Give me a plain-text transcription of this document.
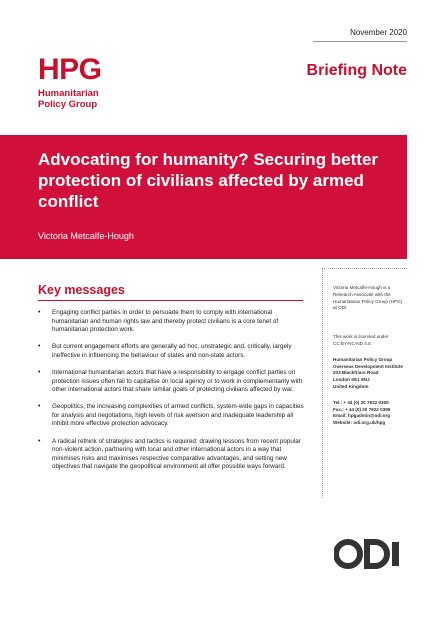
November 2020
HPG
Humanitarian
Policy Group
Briefing Note
Advocating for humanity? Securing better protection of civilians affected by armed conflict
Victoria Metcalfe-Hough
Key messages
• Engaging conflict parties in order to persuade them to comply with international humanitarian and human rights law and thereby protect civilians is a core tenet of humanitarian protection work.
• But current engagement efforts are generally ad hoc, unstrategic and, critically, largely ineffective in influencing the behaviour of states and non-state actors.
• International humanitarian actors that have a responsibility to engage conflict parties on protection issues often fail to capitalise on local agency or to work in complementarity with other international actors that share similar goals of protecting civilians affected by war.
• Geopolitics, the increasing complexities of armed conflicts, system-wide gaps in capacities for analysis and negotiations, high levels of risk aversion and inadequate leadership all inhibit more effective protection advocacy.
• A radical rethink of strategies and tactics is required: drawing lessons from recent popular non-violent action, partnering with local and other international actors in a way that minimises risks and maximises respective comparative advantages, and setting new objectives that navigate the geopolitical environment all offer possible ways forward.
Victoria Metcalfe-Hough is a
Research Associate with the
Humanitarian Policy Group (HPG)
at ODI.
This work is licensed under
CC BY-NC-ND 4.0.
Humanitarian Policy Group
Overseas Development Institute
203 Blackfriars Road
London SE1 8NJ
United Kingdom
Tel.: + 44 (0) 20 7922 0300
Fax.: + 44 (0) 20 7922 0399
Email: hpgadmin@odi.org
Website: odi.org.uk/hpg
